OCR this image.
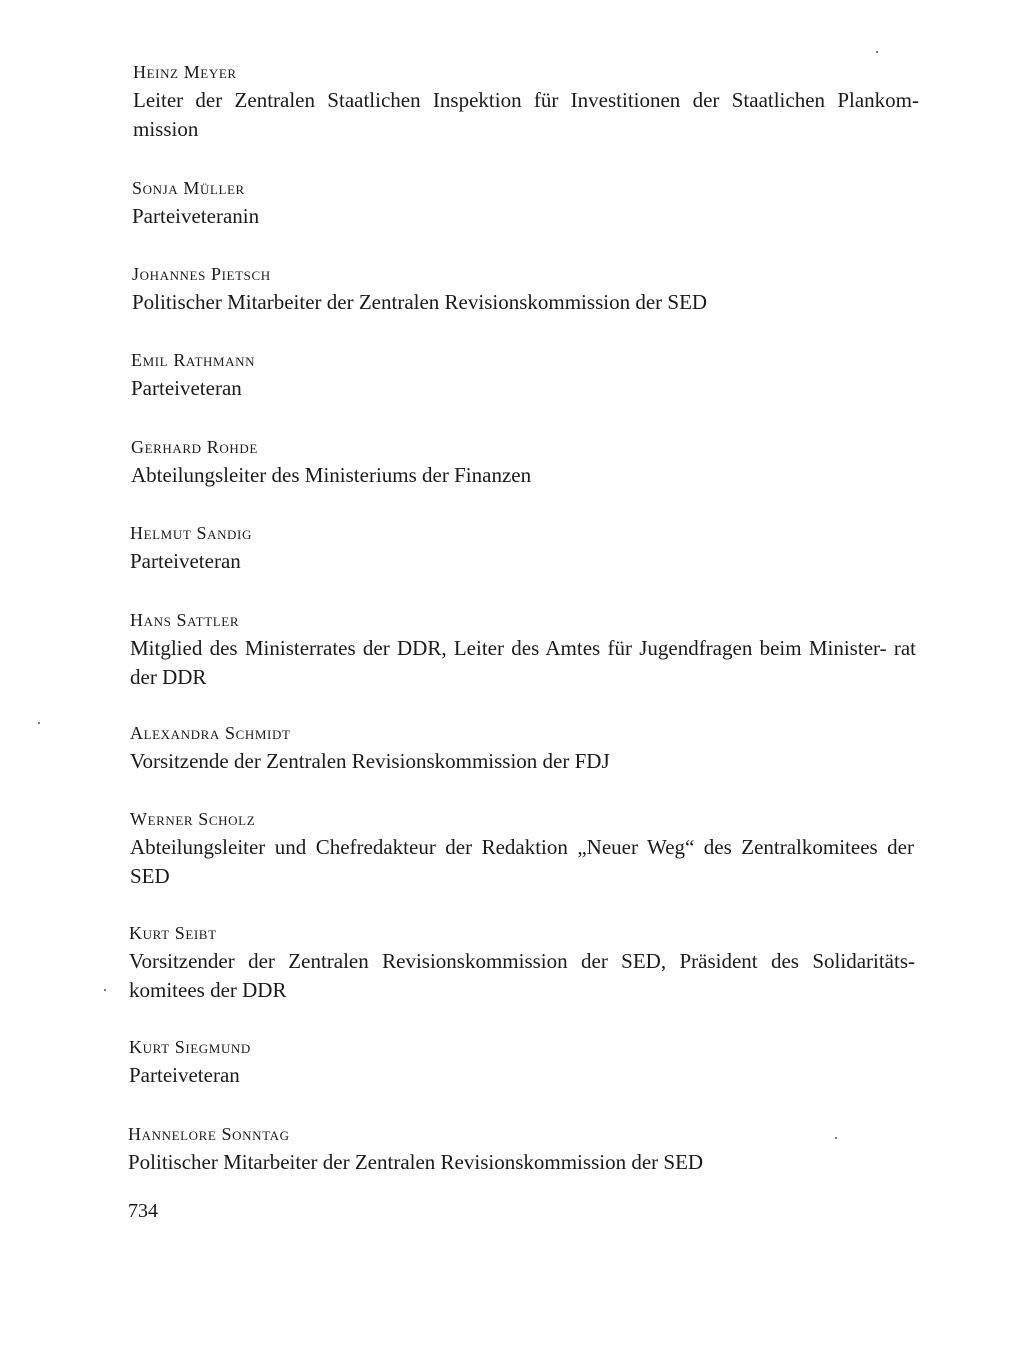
Heinz Meyer
Leiter der Zentralen Staatlichen Inspektion für Investitionen der Staatlichen Plankom- mission
Sonja Müller
Parteiveteranin
Johannes Pietsch
Politischer Mitarbeiter der Zentralen Revisionskommission der SED
Emil Rathmann
Parteiveteran
Gerhard Rohde
Abteilungsleiter des Ministeriums der Finanzen
Helmut Sandig
Parteiveteran
Hans Sattler
Mitglied des Ministerrates der DDR, Leiter des Amtes für Jugendfragen beim Minister- rat der DDR
Alexandra Schmidt
Vorsitzende der Zentralen Revisionskommission der FDJ
Werner Scholz
Abteilungsleiter und Chefredakteur der Redaktion „Neuer Weg“ des Zentralkomitees der SED
Kurt Seibt
Vorsitzender der Zentralen Revisionskommission der SED, Präsident des Solidaritäts- komitees der DDR
Kurt Siegmund
Parteiveteran
Hannelore Sonntag
Politischer Mitarbeiter der Zentralen Revisionskommission der SED
734
